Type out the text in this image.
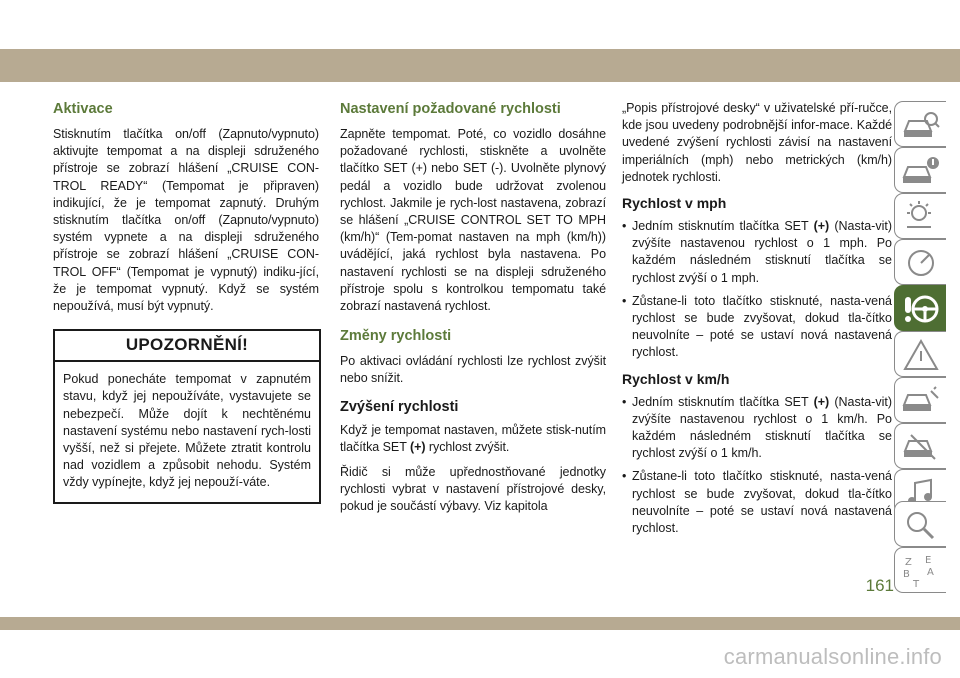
Aktivace

Stisknutím tlačítka on/off (Zapnuto/vypnuto) aktivujte tempomat a na displeji sdruženého přístroje se zobrazí hlášení „CRUISE CON-TROL READY“ (Tempomat je připraven) indikující, že je tempomat zapnutý. Druhým stisknutím tlačítka on/off (Zapnuto/vypnuto) systém vypnete a na displeji sdruženého přístroje se zobrazí hlášení „CRUISE CON-TROL OFF“ (Tempomat je vypnutý) indiku-jící, že je tempomat vypnutý. Když se systém nepoužívá, musí být vypnutý.

UPOZORNĚNÍ!
Pokud ponecháte tempomat v zapnutém stavu, když jej nepoužíváte, vystavujete se nebezpečí. Může dojít k nechtěnému nastavení systému nebo nastavení rych-losti vyšší, než si přejete. Můžete ztratit kontrolu nad vozidlem a způsobit nehodu. Systém vždy vypínejte, když jej nepouží-váte.
Nastavení požadované rychlosti

Zapněte tempomat. Poté, co vozidlo dosáhne požadované rychlosti, stiskněte a uvolněte tlačítko SET (+) nebo SET (-). Uvolněte plynový pedál a vozidlo bude udržovat zvolenou rychlost. Jakmile je rych-lost nastavena, zobrazí se hlášení „CRUISE CONTROL SET TO MPH (km/h)“ (Tem-pomat nastaven na mph (km/h)) uvádějící, jaká rychlost byla nastavena. Po nastavení rychlosti se na displeji sdruženého přístroje spolu s kontrolkou tempomatu také zobrazí nastavená rychlost.

Změny rychlosti

Po aktivaci ovládání rychlosti lze rychlost zvýšit nebo snížit.

Zvýšení rychlosti

Když je tempomat nastaven, můžete stisk-nutím tlačítka SET (+) rychlost zvýšit.

Řidič si může upřednostňované jednotky rychlosti vybrat v nastavení přístrojové desky, pokud je součástí výbavy. Viz kapitola

„Popis přístrojové desky“ v uživatelské pří-ručce, kde jsou uvedeny podrobnější infor-mace. Každé uvedené zvýšení rychlosti závisí na nastavení imperiálních (mph) nebo metrických (km/h) jednotek rychlosti.

Rychlost v mph
• Jedním stisknutím tlačítka SET (+) (Nasta-vit) zvýšíte nastavenou rychlost o 1 mph. Po každém následném stisknutí tlačítka se rychlost zvýší o 1 mph.
• Zůstane-li toto tlačítko stisknuté, nasta-vená rychlost se bude zvyšovat, dokud tla-čítko neuvolníte – poté se ustaví nová nastavená rychlost.
Rychlost v km/h
• Jedním stisknutím tlačítka SET (+) (Nasta-vit) zvýšíte nastavenou rychlost o 1 km/h. Po každém následném stisknutí tlačítka se rychlost zvýší o 1 km/h.
• Zůstane-li toto tlačítko stisknuté, nasta-vená rychlost se bude zvyšovat, dokud tla-čítko neuvolníte – poté se ustaví nová nastavená rychlost.
Z E
B A
T
161
carmanualsonline.info
